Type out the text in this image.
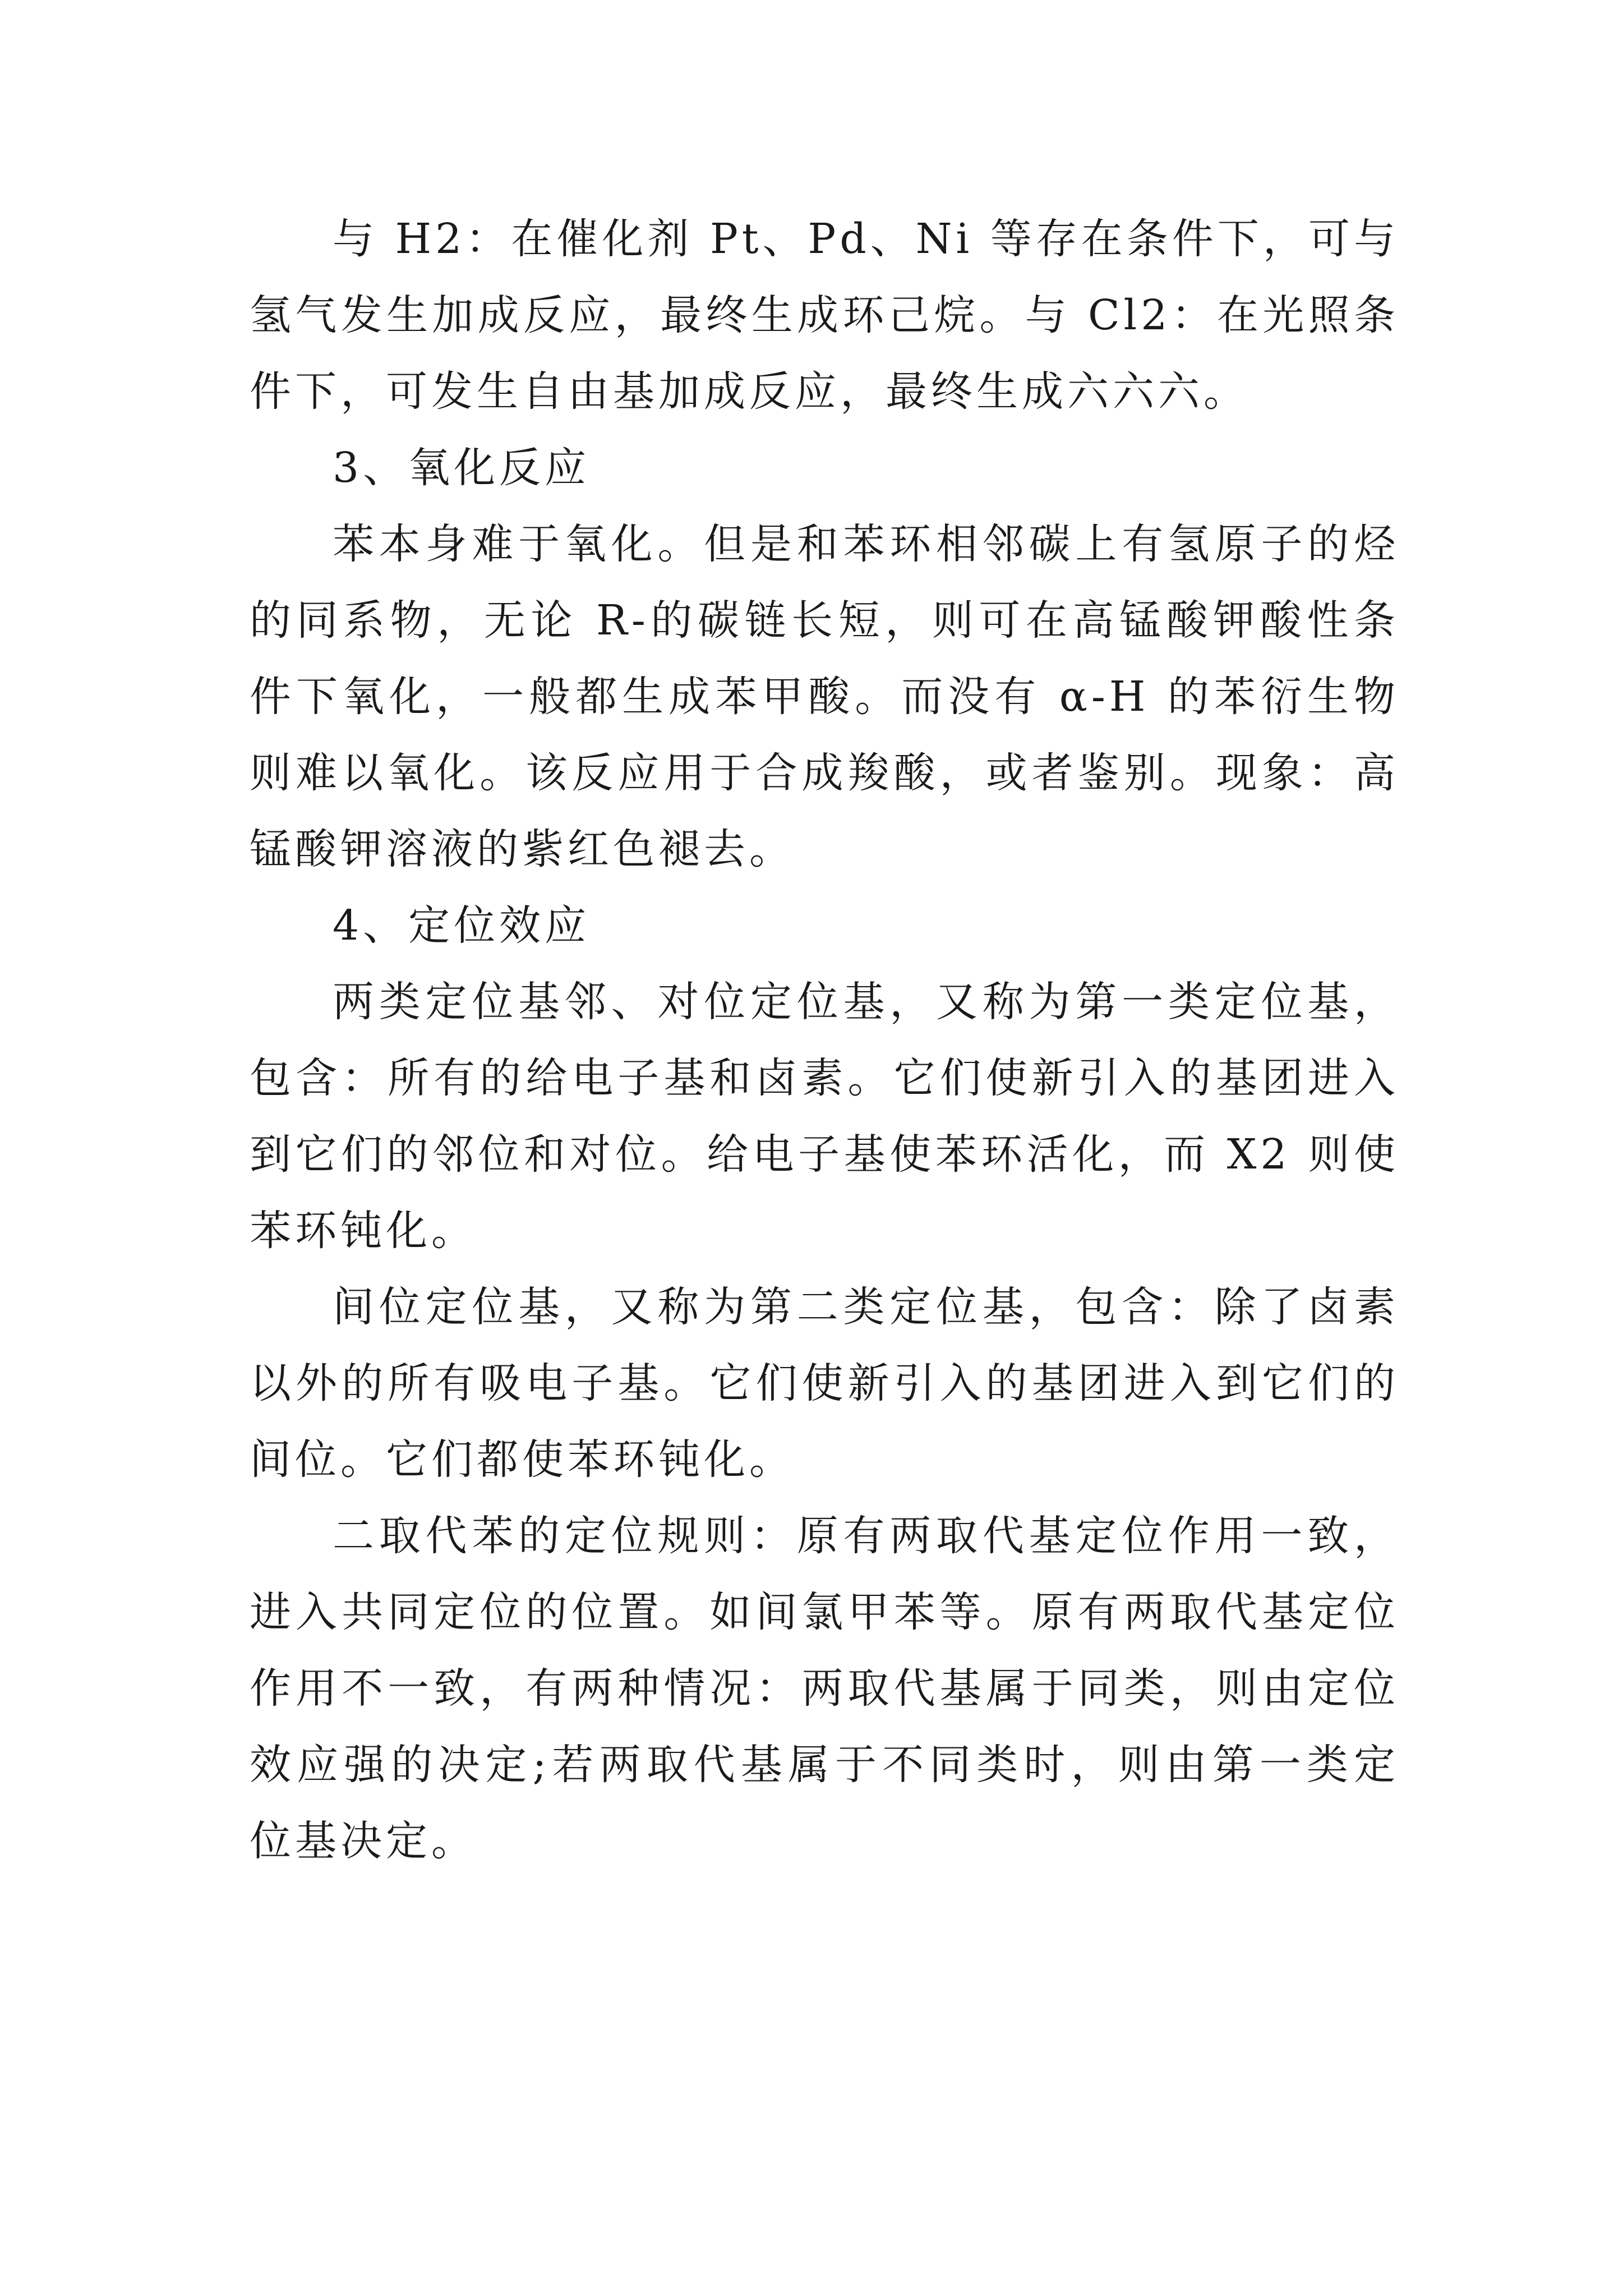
与 H2：在催化剂 Pt、Pd、Ni 等存在条件下，可与氢气发生加成反应，最终生成环己烷。与 Cl2：在光照条件下，可发生自由基加成反应，最终生成六六六。

3、氧化反应

苯本身难于氧化。但是和苯环相邻碳上有氢原子的烃的同系物，无论 R-的碳链长短，则可在高锰酸钾酸性条件下氧化，一般都生成苯甲酸。而没有 α-H 的苯衍生物则难以氧化。该反应用于合成羧酸，或者鉴别。现象：高锰酸钾溶液的紫红色褪去。

4、定位效应

两类定位基邻、对位定位基，又称为第一类定位基，包含：所有的给电子基和卤素。它们使新引入的基团进入到它们的邻位和对位。给电子基使苯环活化，而 X2 则使苯环钝化。

间位定位基，又称为第二类定位基，包含：除了卤素以外的所有吸电子基。它们使新引入的基团进入到它们的间位。它们都使苯环钝化。

二取代苯的定位规则：原有两取代基定位作用一致，进入共同定位的位置。如间氯甲苯等。原有两取代基定位作用不一致，有两种情况：两取代基属于同类，则由定位效应强的决定;若两取代基属于不同类时，则由第一类定位基决定。
